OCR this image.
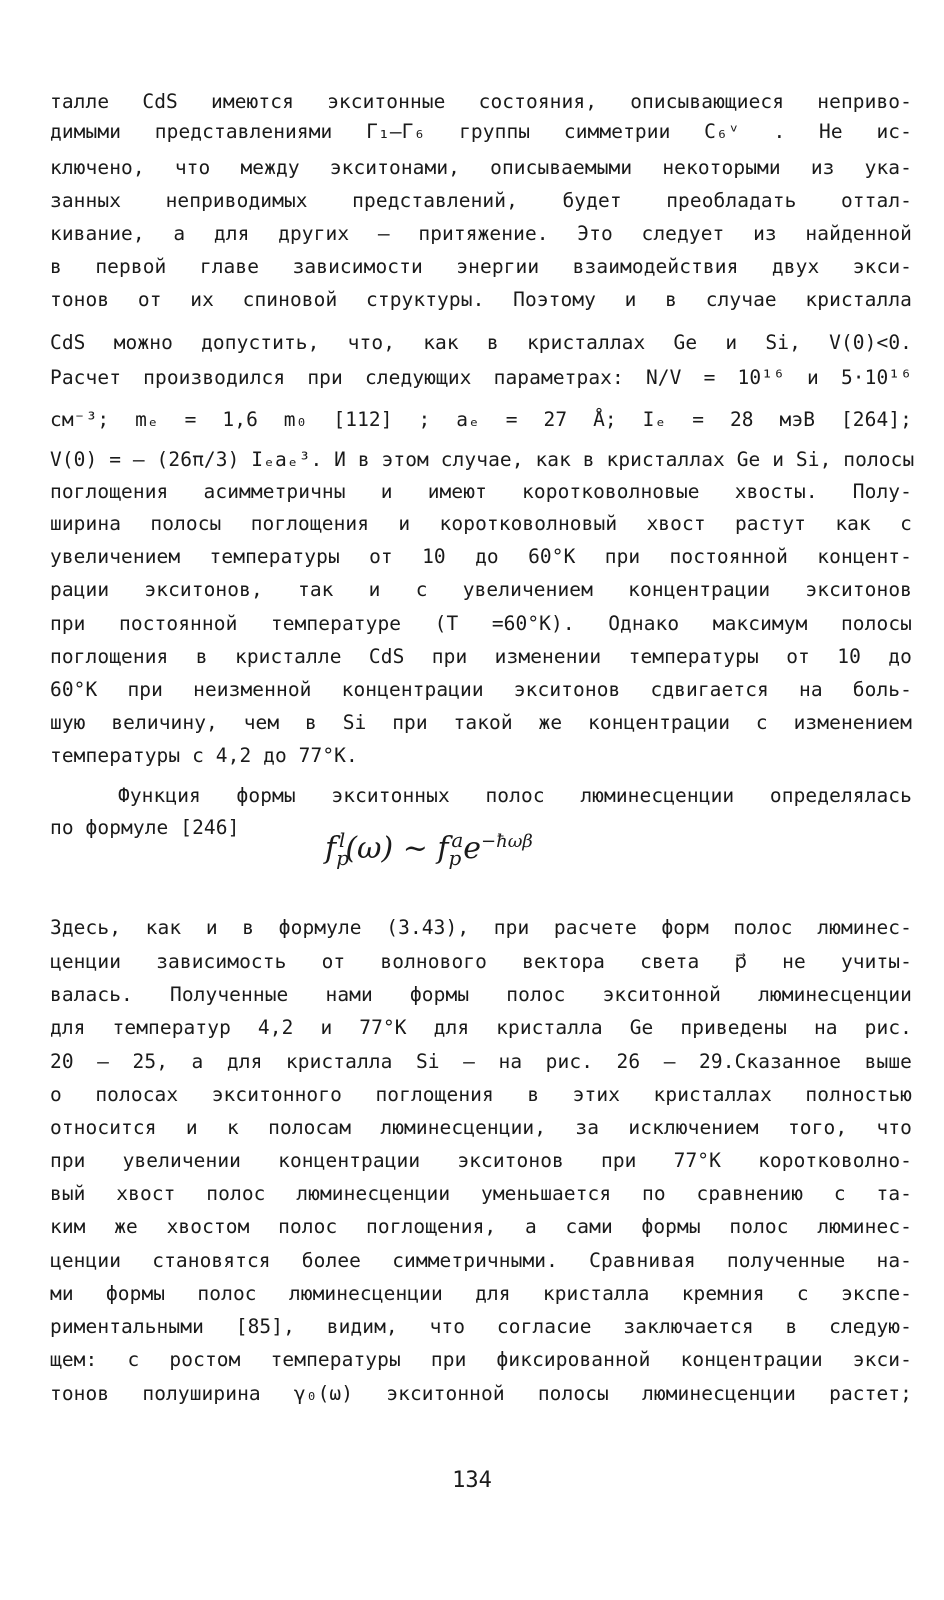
талле CdS имеются экситонные состояния, описывающиеся неприво-
димыми представлениями Г₁–Г₆ группы симметрии C₆ᵛ . Не ис-
ключено, что между экситонами, описываемыми некоторыми из ука-
занных неприводимых представлений, будет преобладать оттал-
кивание, а для других – притяжение. Это следует из найденной
в первой главе зависимости энергии взаимодействия двух экси-
тонов от их спиновой структуры. Поэтому и в случае кристалла
CdS можно допустить, что, как в кристаллах Ge и Si, V(0)<0.
Расчет производился при следующих параметрах: N/V = 10¹⁶ и 5·10¹⁶
см⁻³; mₑ = 1,6 m₀ [112] ; aₑ = 27 Å; Iₑ = 28 мэВ [264];
V(0) = – (26π/3) Iₑaₑ³. И в этом случае, как в кристаллах Ge и Si, полосы
поглощения асимметричны и имеют коротковолновые хвосты. Полу-
ширина полосы поглощения и коротковолновый хвост растут как с
увеличением температуры от 10 до 60°К при постоянной концент-
рации экситонов, так и с увеличением концентрации экситонов
при постоянной температуре (T =60°К). Однако максимум полосы
поглощения в кристалле CdS при изменении температуры от 10 до
60°К при неизменной концентрации экситонов сдвигается на боль-
шую величину, чем в Si при такой же концентрации с изменением
температуры с 4,2 до 77°К.
Функция формы экситонных полос люминесценции определялась
по формуле [246]
$f_p^l(\omega)$ ~ $f_p^ae^{-ħ\omega\beta}$
Здесь, как и в формуле (3.43), при расчете форм полос люминес-
ценции зависимость от волнового вектора света p⃗ не учиты-
валась. Полученные нами формы полос экситонной люминесценции
для температур 4,2 и 77°К для кристалла Ge приведены на рис.
20 – 25, а для кристалла Si – на рис. 26 – 29.Сказанное выше
о полосах экситонного поглощения в этих кристаллах полностью
относится и к полосам люминесценции, за исключением того, что
при увеличении концентрации экситонов при 77°К коротковолно-
вый хвост полос люминесценции уменьшается по сравнению с та-
ким же хвостом полос поглощения, а сами формы полос люминес-
ценции становятся более симметричными. Сравнивая полученные на-
ми формы полос люминесценции для кристалла кремния с экспе-
риментальными [85], видим, что согласие заключается в следую-
щем: с ростом температуры при фиксированной концентрации экси-
тонов полуширина γ₀(ω) экситонной полосы люминесценции растет;
134
